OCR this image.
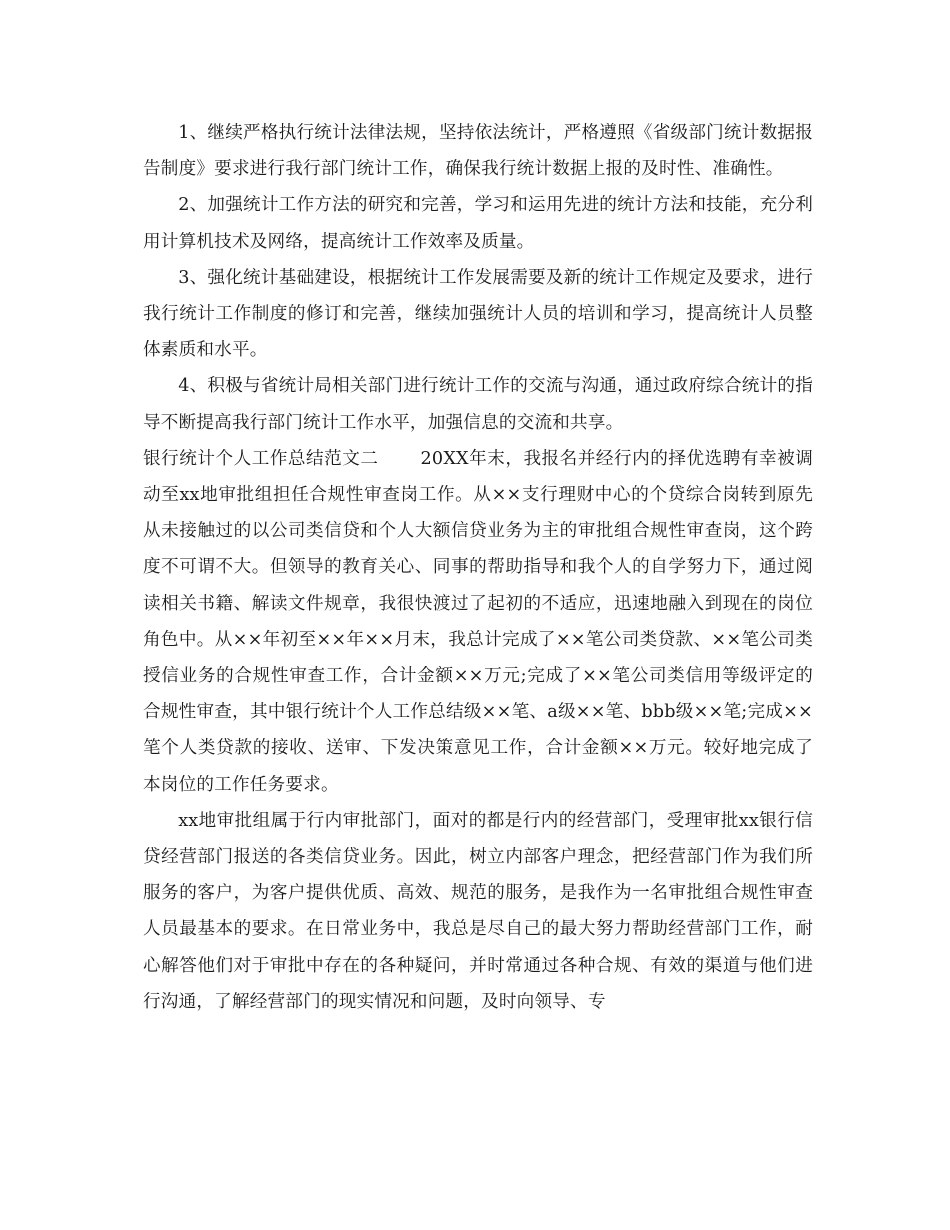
1、继续严格执行统计法律法规，坚持依法统计，严格遵照《省级部门统计数据报告制度》要求进行我行部门统计工作，确保我行统计数据上报的及时性、准确性。

2、加强统计工作方法的研究和完善，学习和运用先进的统计方法和技能，充分利用计算机技术及网络，提高统计工作效率及质量。

3、强化统计基础建设，根据统计工作发展需要及新的统计工作规定及要求，进行我行统计工作制度的修订和完善，继续加强统计人员的培训和学习，提高统计人员整体素质和水平。

4、积极与省统计局相关部门进行统计工作的交流与沟通，通过政府综合统计的指导不断提高我行部门统计工作水平，加强信息的交流和共享。

银行统计个人工作总结范文二 20XX年末，我报名并经行内的择优选聘有幸被调动至xx地审批组担任合规性审查岗工作。从××支行理财中心的个贷综合岗转到原先从未接触过的以公司类信贷和个人大额信贷业务为主的审批组合规性审查岗，这个跨度不可谓不大。但领导的教育关心、同事的帮助指导和我个人的自学努力下，通过阅读相关书籍、解读文件规章，我很快渡过了起初的不适应，迅速地融入到现在的岗位角色中。从××年初至××年××月末，我总计完成了××笔公司类贷款、××笔公司类授信业务的合规性审查工作，合计金额××万元;完成了××笔公司类信用等级评定的合规性审查，其中银行统计个人工作总结级××笔、a级××笔、bbb级××笔;完成××笔个人类贷款的接收、送审、下发决策意见工作，合计金额××万元。较好地完成了本岗位的工作任务要求。

xx地审批组属于行内审批部门，面对的都是行内的经营部门，受理审批xx银行信贷经营部门报送的各类信贷业务。因此，树立内部客户理念，把经营部门作为我们所服务的客户，为客户提供优质、高效、规范的服务，是我作为一名审批组合规性审查人员最基本的要求。在日常业务中，我总是尽自己的最大努力帮助经营部门工作，耐心解答他们对于审批中存在的各种疑问，并时常通过各种合规、有效的渠道与他们进行沟通，了解经营部门的现实情况和问题，及时向领导、专
